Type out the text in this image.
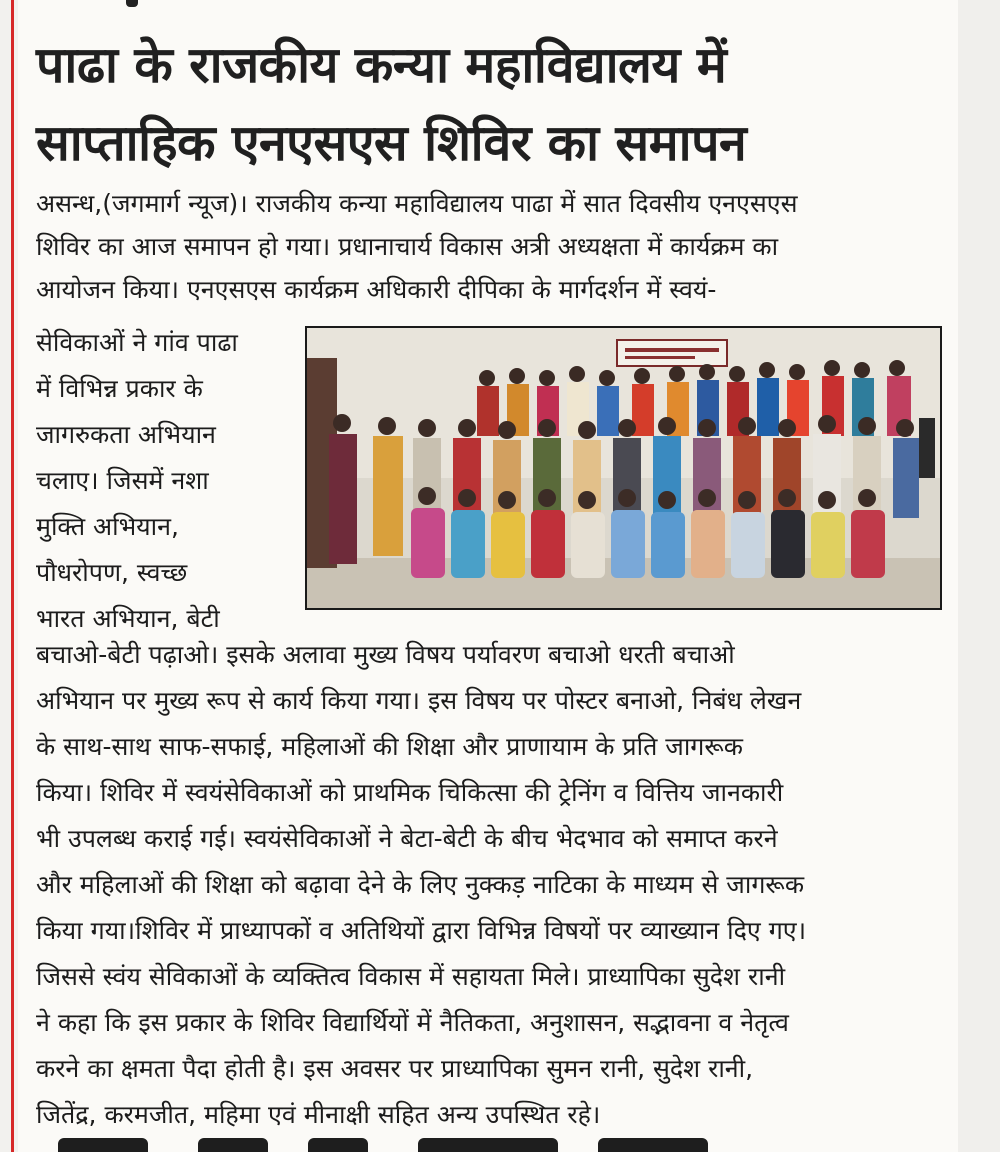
पाढा के राजकीय कन्या महाविद्यालय में
साप्ताहिक एनएसएस शिविर का समापन

असन्ध,(जगमार्ग न्यूज)। राजकीय कन्या महाविद्यालय पाढा में सात दिवसीय एनएसएस

शिविर का आज समापन हो गया। प्रधानाचार्य विकास अत्री अध्यक्षता में कार्यक्रम का

आयोजन किया। एनएसएस कार्यक्रम अधिकारी दीपिका के मार्गदर्शन में स्वयं-

सेविकाओं ने गांव पाढा

में विभिन्न प्रकार के

जागरुकता अभियान

चलाए। जिसमें नशा

मुक्ति अभियान,

पौधरोपण, स्वच्छ

भारत अभियान, बेटी

बचाओ-बेटी पढ़ाओ। इसके अलावा मुख्य विषय पर्यावरण बचाओ धरती बचाओ

अभियान पर मुख्य रूप से कार्य किया गया। इस विषय पर पोस्टर बनाओ, निबंध लेखन

के साथ-साथ साफ-सफाई, महिलाओं की शिक्षा और प्राणायाम के प्रति जागरूक

किया। शिविर में स्वयंसेविकाओं को प्राथमिक चिकित्सा की ट्रेनिंग व वित्तिय जानकारी

भी उपलब्ध कराई गई। स्वयंसेविकाओं ने बेटा-बेटी के बीच भेदभाव को समाप्त करने

और महिलाओं की शिक्षा को बढ़ावा देने के लिए नुक्कड़ नाटिका के माध्यम से जागरूक

किया गया।शिविर में प्राध्यापकों व अतिथियों द्वारा विभिन्न विषयों पर व्याख्यान दिए गए।

जिससे स्वंय सेविकाओं के व्यक्तित्व विकास में सहायता मिले। प्राध्यापिका सुदेश रानी

ने कहा कि इस प्रकार के शिविर विद्यार्थियों में नैतिकता, अनुशासन, सद्भावना व नेतृत्व

करने का क्षमता पैदा होती है। इस अवसर पर प्राध्यापिका सुमन रानी, सुदेश रानी,

जितेंद्र, करमजीत, महिमा एवं मीनाक्षी सहित अन्य उपस्थित रहे।
